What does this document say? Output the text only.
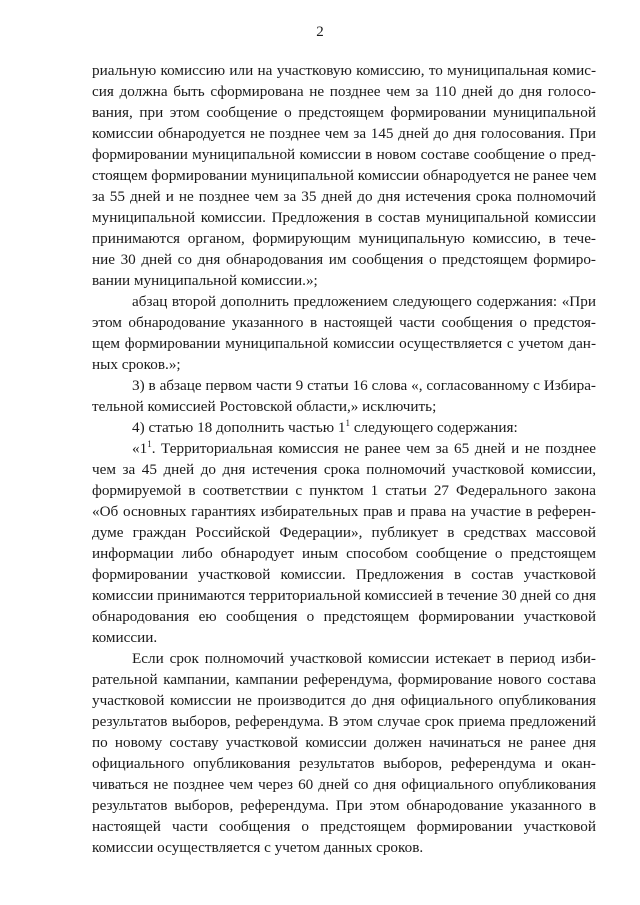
2
риальную комиссию или на участковую комиссию, то муниципальная комис-
сия должна быть сформирована не позднее чем за 110 дней до дня голосо-
вания, при этом сообщение о предстоящем формировании муниципальной
комиссии обнародуется не позднее чем за 145 дней до дня голосования. При
формировании муниципальной комиссии в новом составе сообщение о пред-
стоящем формировании муниципальной комиссии обнародуется не ранее чем
за 55 дней и не позднее чем за 35 дней до дня истечения срока полномочий
муниципальной комиссии. Предложения в состав муниципальной комиссии
принимаются органом, формирующим муниципальную комиссию, в тече-
ние 30 дней со дня обнародования им сообщения о предстоящем формиро-
вании муниципальной комиссии.»;
абзац второй дополнить предложением следующего содержания: «При
этом обнародование указанного в настоящей части сообщения о предстоя-
щем формировании муниципальной комиссии осуществляется с учетом дан-
ных сроков.»;
3) в абзаце первом части 9 статьи 16 слова «, согласованному с Избира-
тельной комиссией Ростовской области,» исключить;
4) статью 18 дополнить частью $1^1$ следующего содержания:
«$1^1$. Территориальная комиссия не ранее чем за 65 дней и не позднее
чем за 45 дней до дня истечения срока полномочий участковой комиссии,
формируемой в соответствии с пунктом 1 статьи 27 Федерального закона
«Об основных гарантиях избирательных прав и права на участие в референ-
думе граждан Российской Федерации», публикует в средствах массовой
информации либо обнародует иным способом сообщение о предстоящем
формировании участковой комиссии. Предложения в состав участковой
комиссии принимаются территориальной комиссией в течение 30 дней со дня
обнародования ею сообщения о предстоящем формировании участковой
комиссии.
Если срок полномочий участковой комиссии истекает в период изби-
рательной кампании, кампании референдума, формирование нового состава
участковой комиссии не производится до дня официального опубликования
результатов выборов, референдума. В этом случае срок приема предложений
по новому составу участковой комиссии должен начинаться не ранее дня
официального опубликования результатов выборов, референдума и окан-
чиваться не позднее чем через 60 дней со дня официального опубликования
результатов выборов, референдума. При этом обнародование указанного в
настоящей части сообщения о предстоящем формировании участковой
комиссии осуществляется с учетом данных сроков.
